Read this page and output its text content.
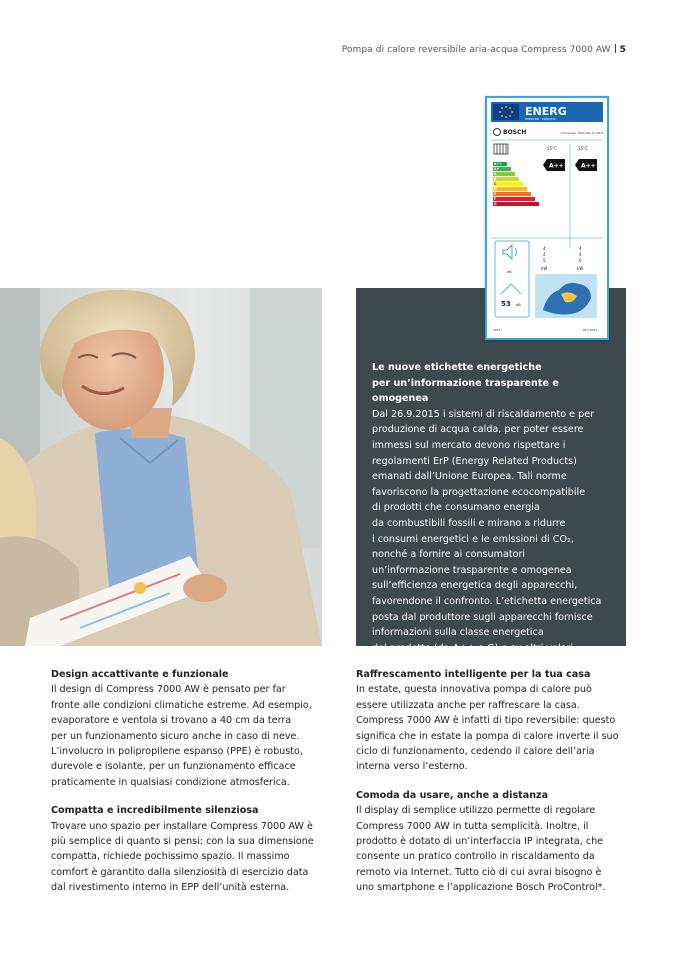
Pompa di calore reversibile aria-acqua Compress 7000 AW 5
Le nuove etichette energetiche
per un’informazione trasparente e omogenea
Dal 26.9.2015 i sistemi di riscaldamento e per
produzione di acqua calda, per poter essere
immessi sul mercato devono rispettare i
regolamenti ErP (Energy Related Products)
emanati dall’Unione Europea. Tali norme
favoriscono la progettazione ecocompatibile
di prodotti che consumano energia
da combustibili fossili e mirano a ridurre
i consumi energetici e le emissioni di CO₂,
nonché a fornire ai consumatori
un’informazione trasparente e omogenea
sull’efficienza energetica degli apparecchi,
favorendone il confronto. L’etichetta energetica
posta dal produttore sugli apparecchi fornisce
informazioni sulla classe energetica
del prodotto (da A++ a G) e su altri valori,
come potenza ed emissioni sonore.
ENERG
енергия · ενέργεια
BOSCH	Compress 7000 AW 11 OR-S
55°C	35°C
A++
A+
A
B
C
D
E
F
G
A++	A++
dB
53 dB
4
4
5
kW
4
4
6
kW
2015	811/2013
Design accattivante e funzionale
Il design di Compress 7000 AW è pensato per far
fronte alle condizioni climatiche estreme. Ad esempio,
evaporatore e ventola si trovano a 40 cm da terra
per un funzionamento sicuro anche in caso di neve.
L’involucro in polipropilene espanso (PPE) è robusto,
durevole e isolante, per un funzionamento efficace
praticamente in qualsiasi condizione atmosferica.
Compatta e incredibilmente silenziosa
Trovare uno spazio per installare Compress 7000 AW è
più semplice di quanto si pensi: con la sua dimensione
compatta, richiede pochissimo spazio. Il massimo
comfort è garantito dalla silenziosità di esercizio data
dal rivestimento interno in EPP dell’unità esterna.
Raffrescamento intelligente per la tua casa
In estate, questa innovativa pompa di calore può
essere utilizzata anche per raffrescare la casa.
Compress 7000 AW è infatti di tipo reversibile: questo
significa che in estate la pompa di calore inverte il suo
ciclo di funzionamento, cedendo il calore dell’aria
interna verso l’esterno.
Comoda da usare, anche a distanza
Il display di semplice utilizzo permette di regolare
Compress 7000 AW in tutta semplicità. Inoltre, il
prodotto è dotato di un’interfaccia IP integrata, che
consente un pratico controllo in riscaldamento da
remoto via Internet. Tutto ciò di cui avrai bisogno è
uno smartphone e l’applicazione Bosch ProControl*.
